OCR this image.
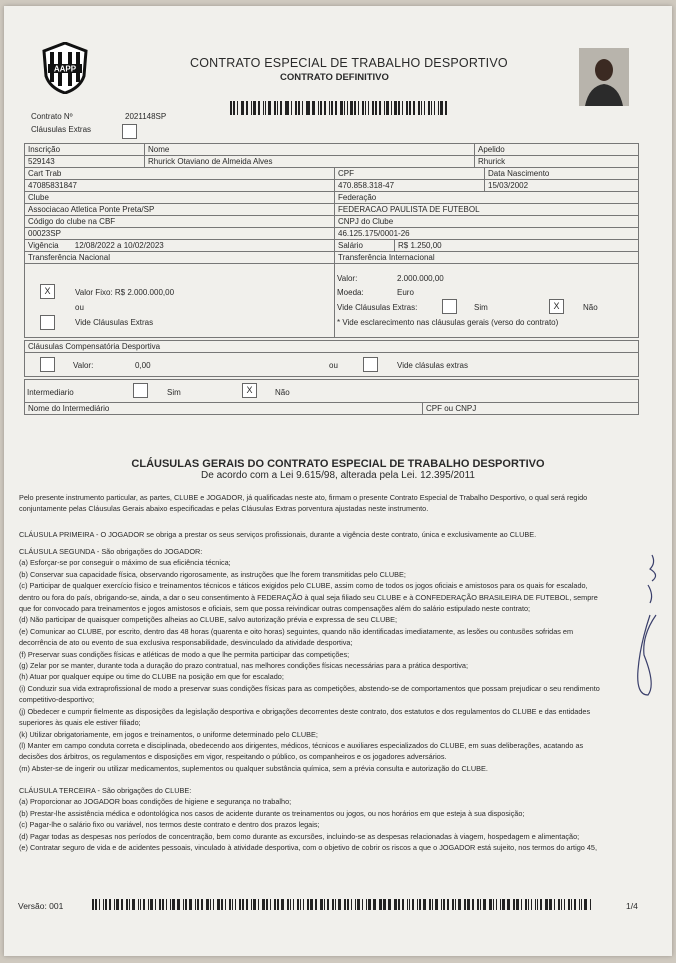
AAPP	CONTRATO ESPECIAL DE TRABALHO DESPORTIVO
CONTRATO DEFINITIVO
Contrato Nº	2021148SP
Cláusulas Extras
Inscrição	Nome	Apelido
529143	Rhurick Otaviano de Almeida Alves	Rhurick
Cart Trab	CPF	Data Nascimento
47085831847	470.858.318-47	15/03/2002
Clube	Federação
Associacao Atletica Ponte Preta/SP	FEDERACAO PAULISTA DE FUTEBOL
Código do clube na CBF	CNPJ do Clube
00023SP	46.125.175/0001-26
Vigência 12/08/2022 a 10/02/2023	Salário	R$ 1.250,00
Transferência Nacional	Transferência Internacional
X	Valor Fixo: R$ 2.000.000,00
ou
Vide Cláusulas Extras
Valor:	2.000.000,00
Moeda:	Euro
Vide Cláusulas Extras:	Sim	X	Não
* Vide esclarecimento nas cláusulas gerais (verso do contrato)
Cláusulas Compensatória Desportiva
Valor:	0,00	ou	Vide clásulas extras
Intermediario	Sim	X	Não
Nome do Intermediário	CPF ou CNPJ
CLÁUSULAS GERAIS DO CONTRATO ESPECIAL DE TRABALHO DESPORTIVO
De acordo com a Lei 9.615/98, alterada pela Lei. 12.395/2011
Pelo presente instrumento particular, as partes, CLUBE e JOGADOR, já qualificadas neste ato, firmam o presente Contrato Especial de Trabalho Desportivo, o qual será regido
conjuntamente pelas Cláusulas Gerais abaixo especificadas e pelas Cláusulas Extras porventura ajustadas neste instrumento.
CLÁUSULA PRIMEIRA - O JOGADOR se obriga a prestar os seus serviços profissionais, durante a vigência deste contrato, única e exclusivamente ao CLUBE.
CLÁUSULA SEGUNDA - São obrigações do JOGADOR:
(a) Esforçar-se por conseguir o máximo de sua eficiência técnica;
(b) Conservar sua capacidade física, observando rigorosamente, as instruções que lhe forem transmitidas pelo CLUBE;
(c) Participar de qualquer exercício físico e treinamentos técnicos e táticos exigidos pelo CLUBE, assim como de todos os jogos oficiais e amistosos para os quais for escalado,
dentro ou fora do país, obrigando-se, ainda, a dar o seu consentimento à FEDERAÇÃO à qual seja filiado seu CLUBE e à CONFEDERAÇÃO BRASILEIRA DE FUTEBOL, sempre
que for convocado para treinamentos e jogos amistosos e oficiais, sem que possa reivindicar outras compensações além do salário estipulado neste contrato;
(d) Não participar de quaisquer competições alheias ao CLUBE, salvo autorização prévia e expressa de seu CLUBE;
(e) Comunicar ao CLUBE, por escrito, dentro das 48 horas (quarenta e oito horas) seguintes, quando não identificadas imediatamente, as lesões ou contusões sofridas em
decorrência de ato ou evento de sua exclusiva responsabilidade, desvinculado da atividade desportiva;
(f) Preservar suas condições físicas e atléticas de modo a que lhe permita participar das competições;
(g) Zelar por se manter, durante toda a duração do prazo contratual, nas melhores condições físicas necessárias para a prática desportiva;
(h) Atuar por qualquer equipe ou time do CLUBE na posição em que for escalado;
(i) Conduzir sua vida extraprofissional de modo a preservar suas condições físicas para as competições, abstendo-se de comportamentos que possam prejudicar o seu rendimento
competitivo-desportivo;
(j) Obedecer e cumprir fielmente as disposições da legislação desportiva e obrigações decorrentes deste contrato, dos estatutos e dos regulamentos do CLUBE e das entidades
superiores às quais ele estiver filiado;
(k) Utilizar obrigatoriamente, em jogos e treinamentos, o uniforme determinado pelo CLUBE;
(l) Manter em campo conduta correta e disciplinada, obedecendo aos dirigentes, médicos, técnicos e auxiliares especializados do CLUBE, em suas deliberações, acatando as
decisões dos árbitros, os regulamentos e disposições em vigor, respeitando o público, os companheiros e os jogadores adversários.
(m) Abster-se de ingerir ou utilizar medicamentos, suplementos ou qualquer substância química, sem a prévia consulta e autorização do CLUBE.
CLÁUSULA TERCEIRA - São obrigações do CLUBE:
(a) Proporcionar ao JOGADOR boas condições de higiene e segurança no trabalho;
(b) Prestar-lhe assistência médica e odontológica nos casos de acidente durante os treinamentos ou jogos, ou nos horários em que esteja à sua disposição;
(c) Pagar-lhe o salário fixo ou variável, nos termos deste contrato e dentro dos prazos legais;
(d) Pagar todas as despesas nos períodos de concentração, bem como durante as excursões, incluindo-se as despesas relacionadas à viagem, hospedagem e alimentação;
(e) Contratar seguro de vida e de acidentes pessoais, vinculado à atividade desportiva, com o objetivo de cobrir os riscos a que o JOGADOR está sujeito, nos termos do artigo 45,
Versão: 001	1/4
